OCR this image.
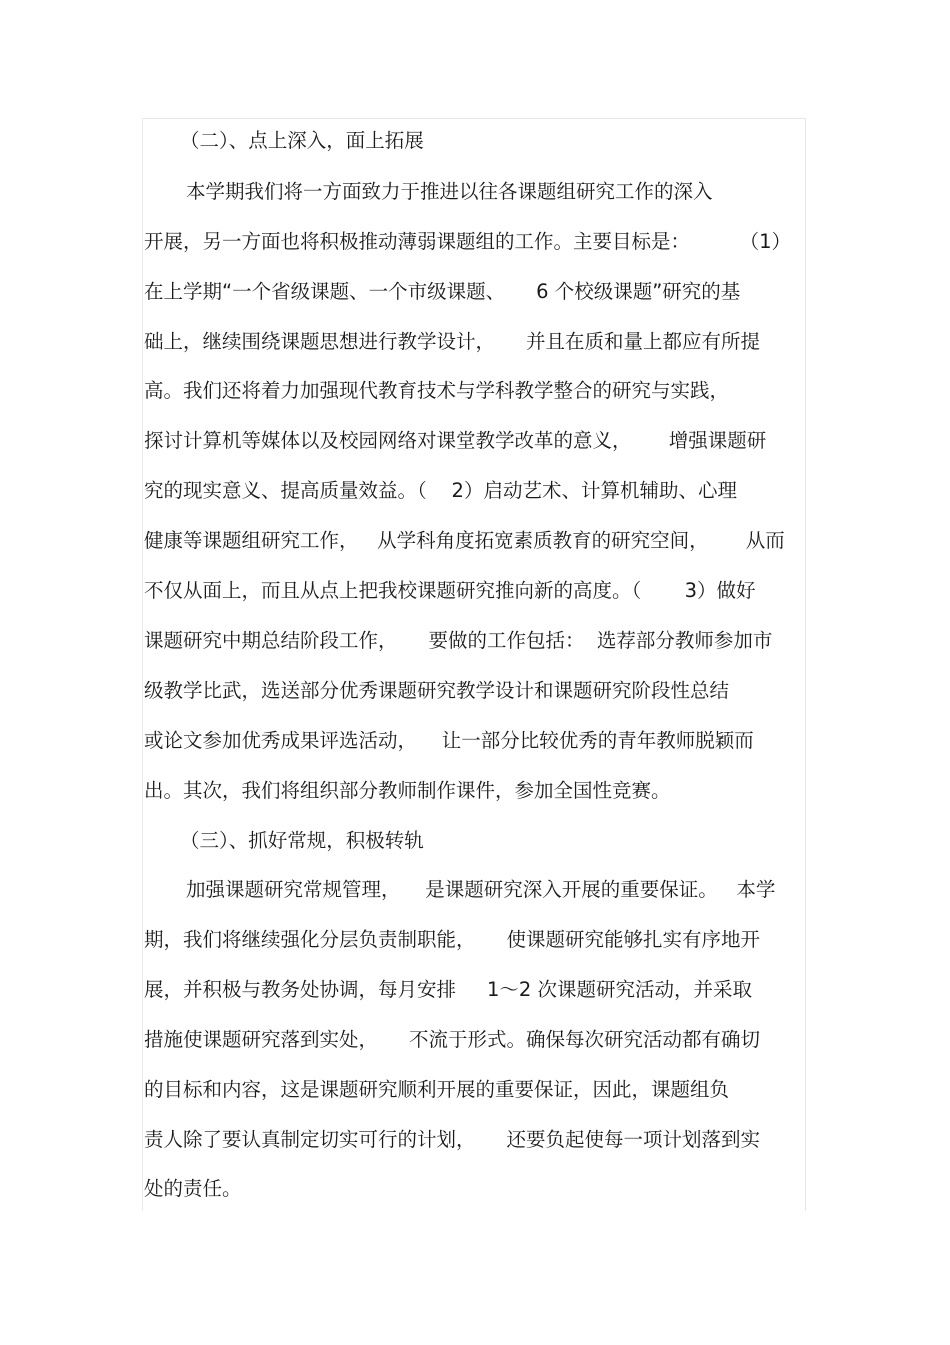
（二）、点上深入，面上拓展
本学期我们将一方面致力于推进以往各课题组研究工作的深入
开展，另一方面也将积极推动薄弱课题组的工作。主要目标是：        （1）
在上学期“一个省级课题、一个市级课题、     6 个校级课题”研究的基
础上，继续围绕课题思想进行教学设计，     并且在质和量上都应有所提
高。我们还将着力加强现代教育技术与学科教学整合的研究与实践，
探讨计算机等媒体以及校园网络对课堂教学改革的意义，      增强课题研
究的现实意义、提高质量效益。（    2）启动艺术、计算机辅助、心理
健康等课题组研究工作，   从学科角度拓宽素质教育的研究空间，      从而
不仅从面上，而且从点上把我校课题研究推向新的高度。（       3）做好
课题研究中期总结阶段工作，     要做的工作包括：  选荐部分教师参加市
级教学比武，选送部分优秀课题研究教学设计和课题研究阶段性总结
或论文参加优秀成果评选活动，    让一部分比较优秀的青年教师脱颖而
出。其次，我们将组织部分教师制作课件，参加全国性竞赛。
（三）、抓好常规，积极转轨
加强课题研究常规管理，    是课题研究深入开展的重要保证。   本学
期，我们将继续强化分层负责制职能，     使课题研究能够扎实有序地开
展，并积极与教务处协调，每月安排     1～2 次课题研究活动，并采取
措施使课题研究落到实处，     不流于形式。确保每次研究活动都有确切
的目标和内容，这是课题研究顺利开展的重要保证，因此，课题组负
责人除了要认真制定切实可行的计划，     还要负起使每一项计划落到实
处的责任。
